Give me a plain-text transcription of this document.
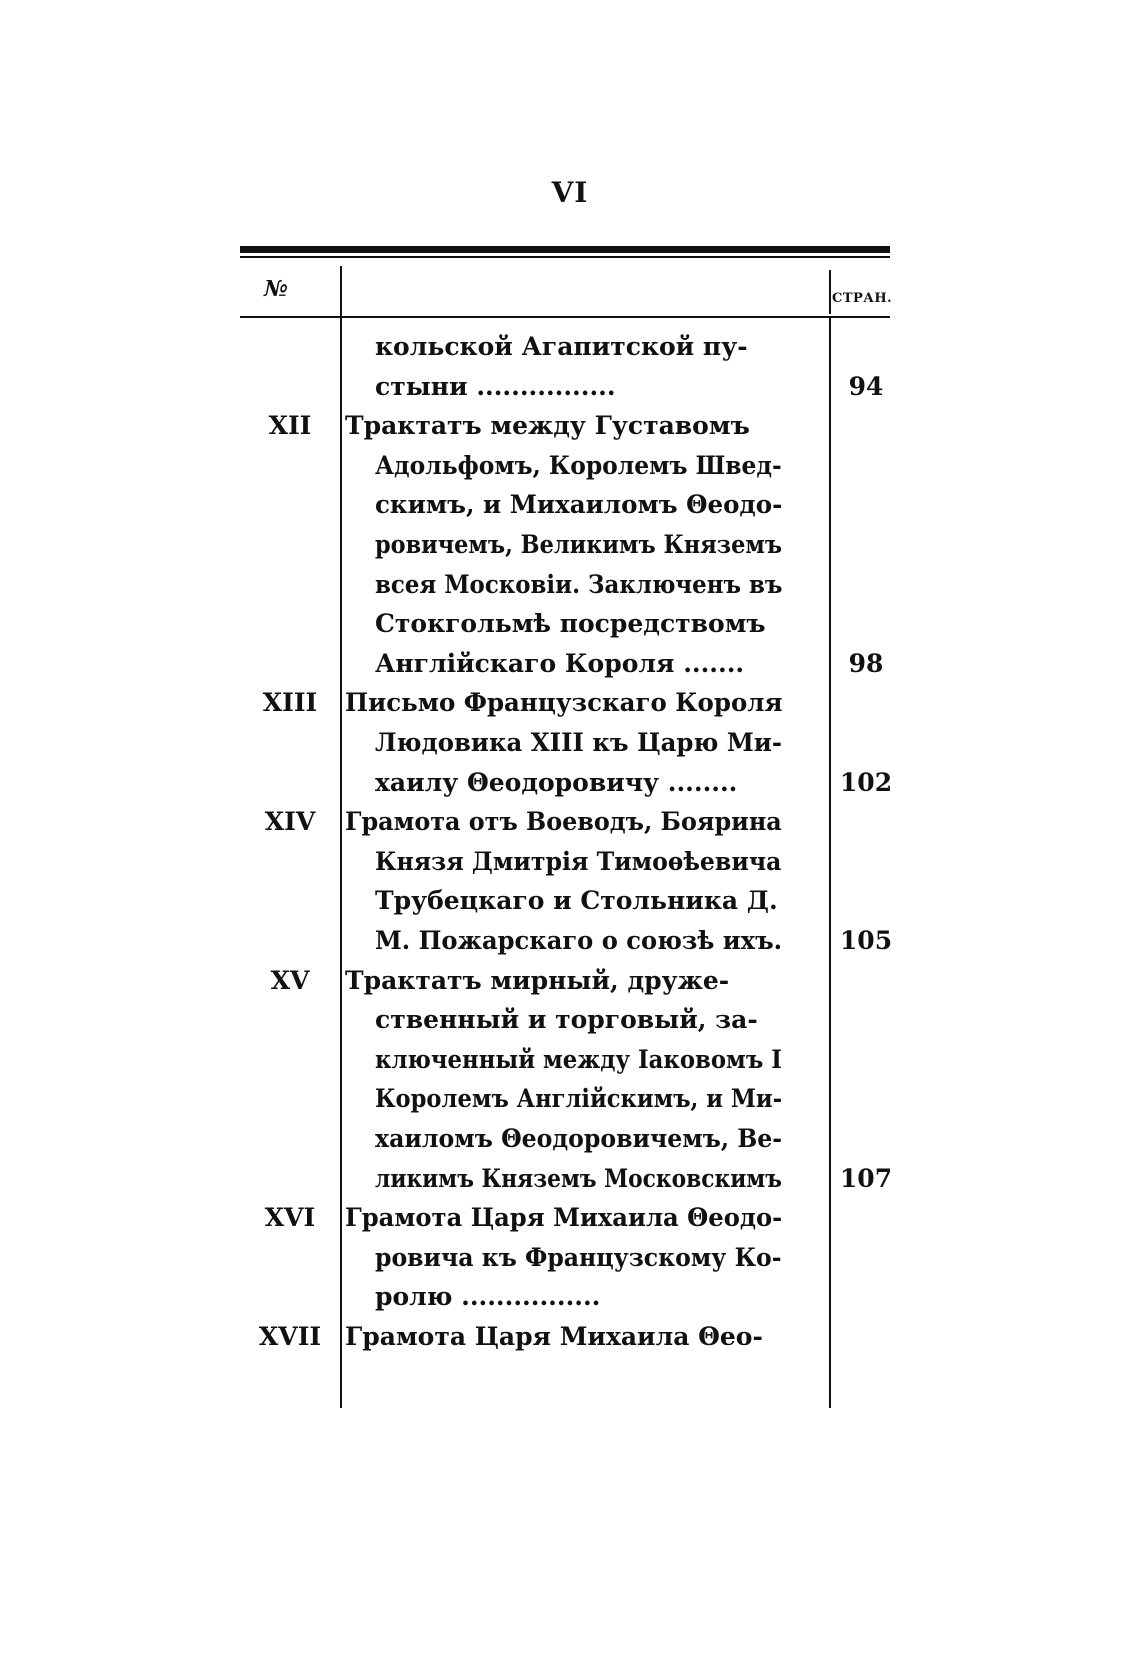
VI
№	СТРАН.
кольской Агапитской пу-
стыни ................	94
XII	Трактатъ между Густавомъ
Адольфомъ, Королемъ Швед-
скимъ, и Михаиломъ Θеодо-
ровичемъ, Великимъ Княземъ
всея Московіи. Заключенъ въ
Стокгольмѣ посредствомъ
Англійскаго Короля .......	98
XIII	Письмо Французскаго Короля
Людовика XIII къ Царю Ми-
хаилу Θеодоровичу ........	102
XIV	Грамота отъ Воеводъ, Боярина
Князя Дмитрія Тимоѳѣевича
Трубецкаго и Стольника Д.
М. Пожарскаго о союзѣ ихъ. 105
XV	Трактатъ мирный, друже-
ственный и торговый, за-
ключенный между Іаковомъ I
Королемъ Англійскимъ, и Ми-
хаиломъ Θеодоровичемъ, Ве-
ликимъ Княземъ Московскимъ 107
XVI	Грамота Царя Михаила Θеодо-
ровича къ Французскому Ко-
ролю ................
XVII Грамота Царя Михаила Θео-
